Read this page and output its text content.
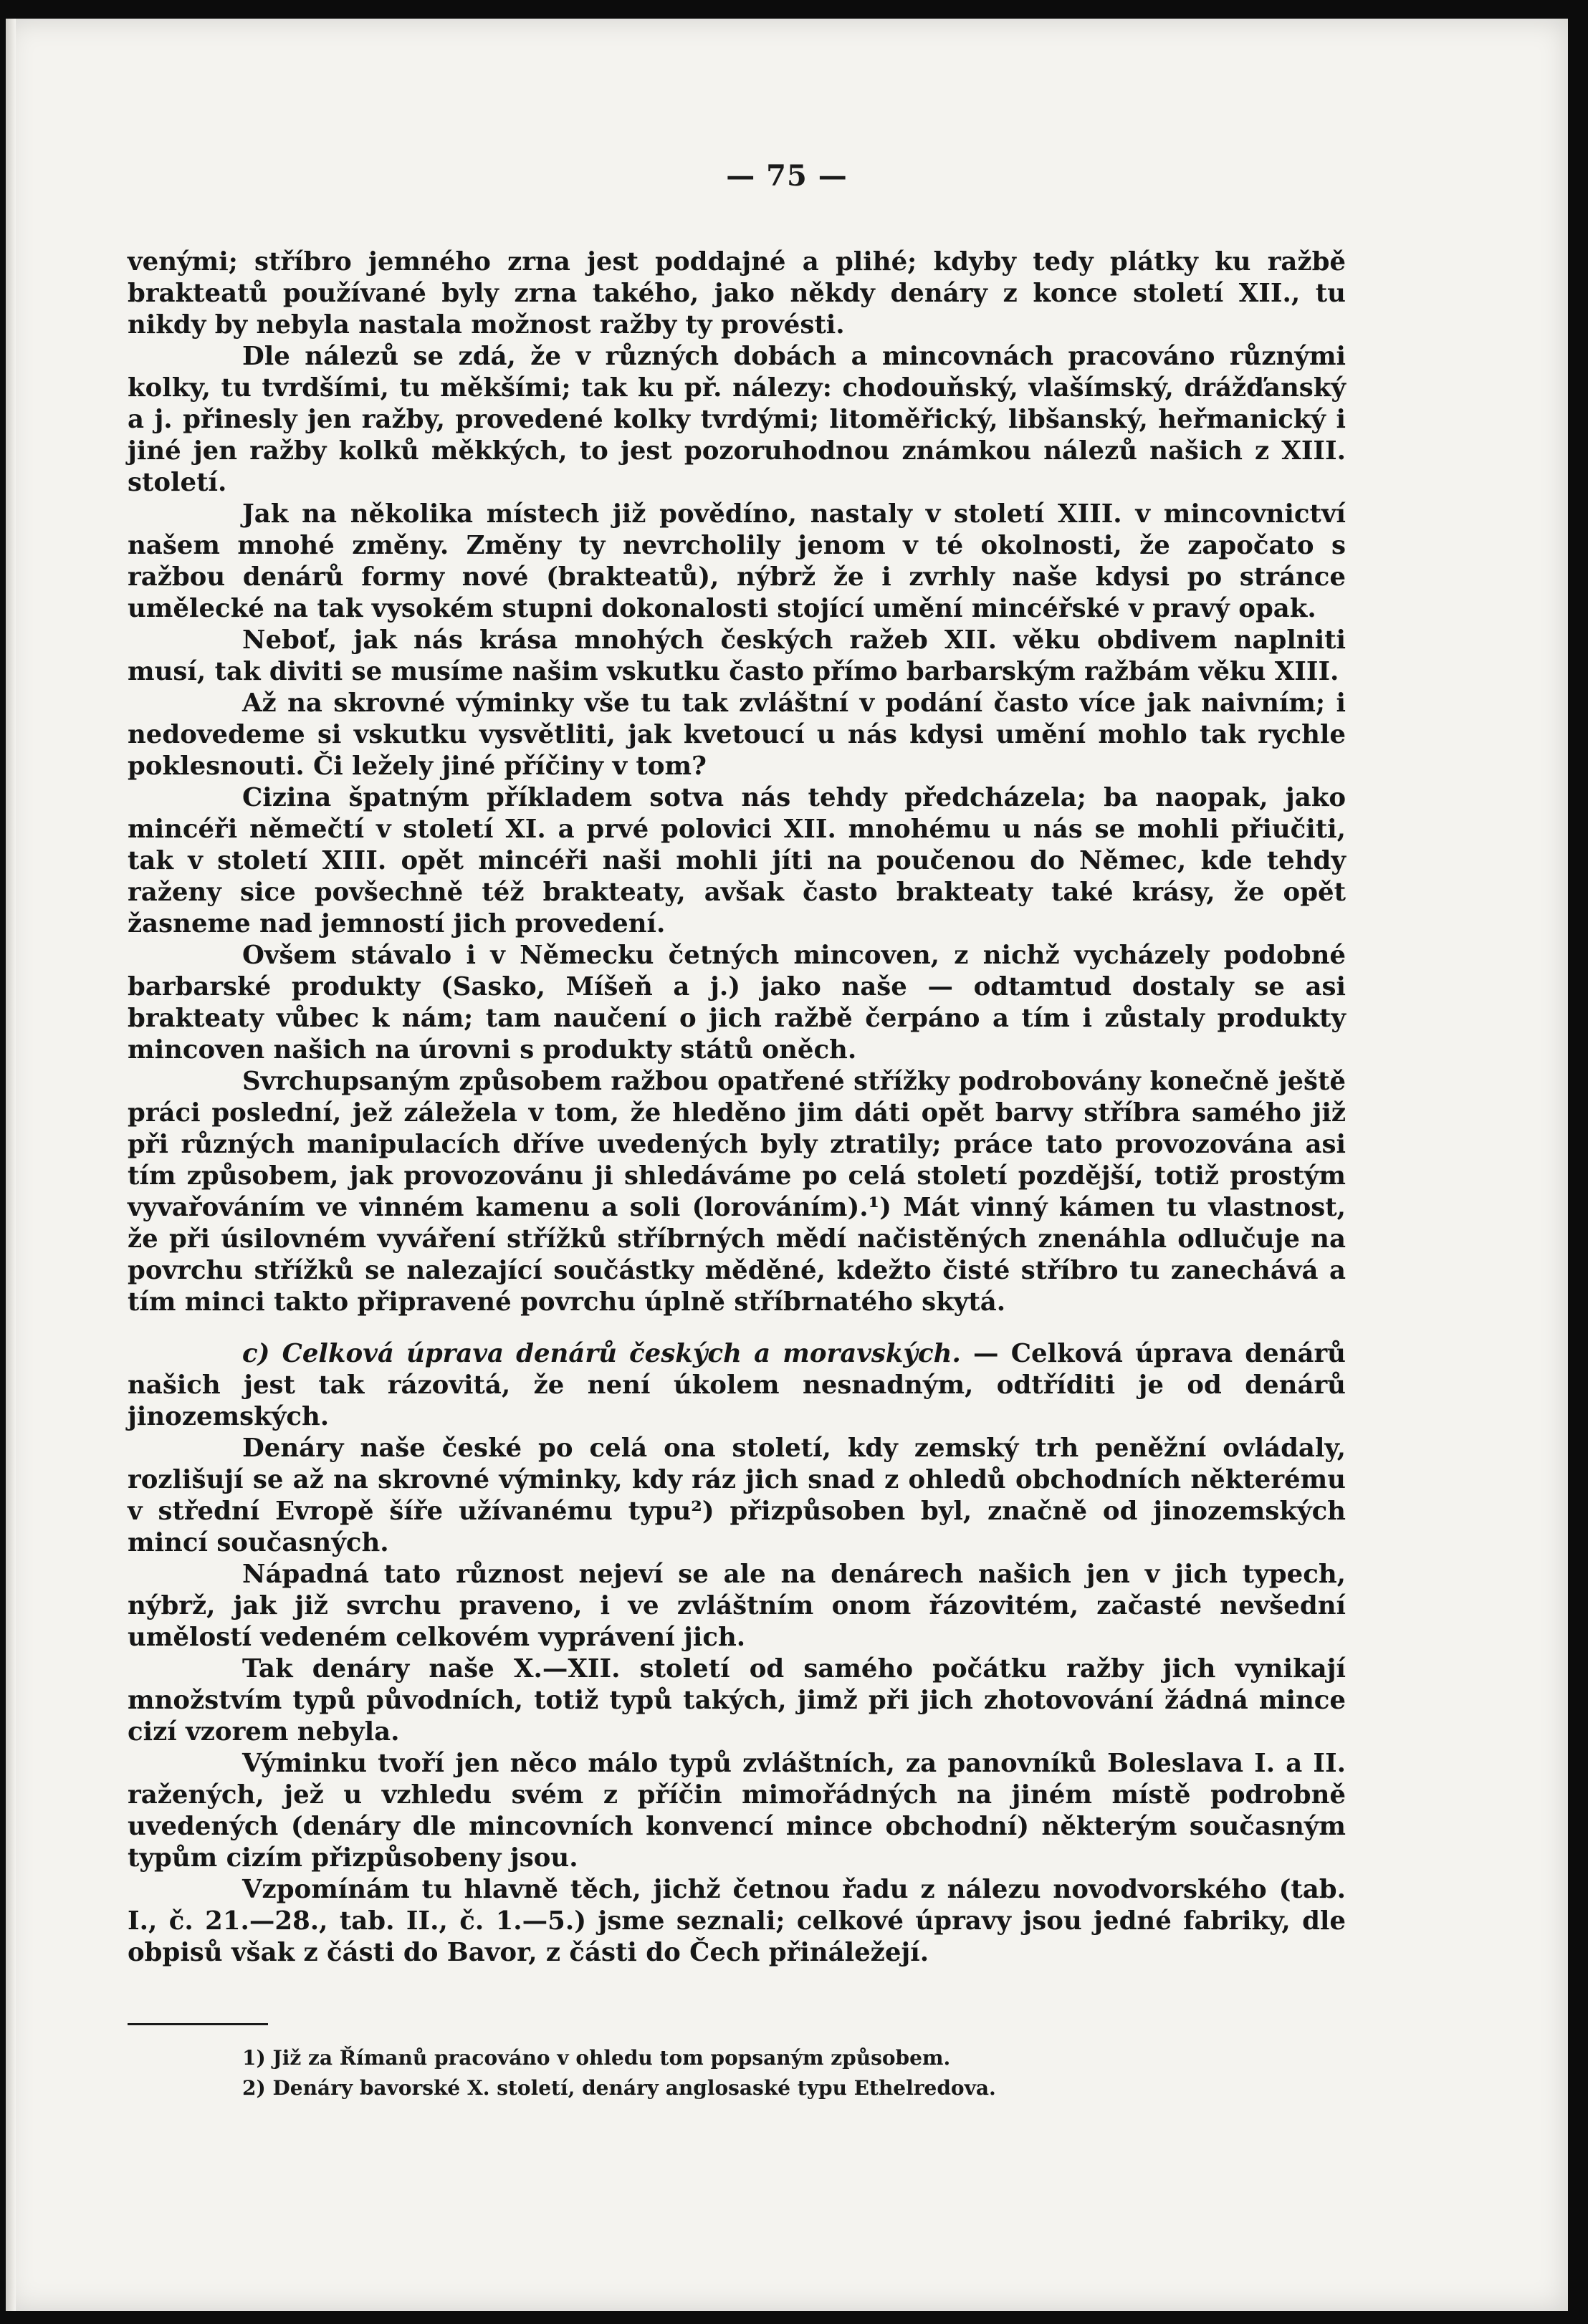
— 75 —

venými; stříbro jemného zrna jest poddajné a plihé; kdyby tedy plátky ku ražbě brakteatů používané byly zrna takého, jako někdy denáry z konce století XII., tu nikdy by nebyla nastala možnost ražby ty provésti.

Dle nálezů se zdá, že v různých dobách a mincovnách pracováno různými kolky, tu tvrdšími, tu měkšími; tak ku př. nálezy: chodouňský, vlašímský, drážďanský a j. přinesly jen ražby, provedené kolky tvrdými; litoměřický, libšanský, heřmanický i jiné jen ražby kolků měkkých, to jest pozoruhodnou známkou nálezů našich z XIII. století.

Jak na několika místech již povědíno, nastaly v století XIII. v mincovnictví našem mnohé změny. Změny ty nevrcholily jenom v té okolnosti, že započato s ražbou denárů formy nové (brakteatů), nýbrž že i zvrhly naše kdysi po stránce umělecké na tak vysokém stupni dokonalosti stojící umění mincéřské v pravý opak.

Neboť, jak nás krása mnohých českých ražeb XII. věku obdivem naplniti musí, tak diviti se musíme našim vskutku často přímo barbarským ražbám věku XIII.

Až na skrovné výminky vše tu tak zvláštní v podání často více jak naivním; i nedovedeme si vskutku vysvětliti, jak kvetoucí u nás kdysi umění mohlo tak rychle poklesnouti. Či ležely jiné příčiny v tom?

Cizina špatným příkladem sotva nás tehdy předcházela; ba naopak, jako mincéři němečtí v století XI. a prvé polovici XII. mnohému u nás se mohli přiučiti, tak v století XIII. opět mincéři naši mohli jíti na poučenou do Němec, kde tehdy raženy sice povšechně též brakteaty, avšak často brakteaty také krásy, že opět žasneme nad jemností jich provedení.

Ovšem stávalo i v Německu četných mincoven, z nichž vycházely podobné barbarské produkty (Sasko, Míšeň a j.) jako naše — odtamtud dostaly se asi brakteaty vůbec k nám; tam naučení o jich ražbě čerpáno a tím i zůstaly produkty mincoven našich na úrovni s produkty států oněch.

Svrchupsaným způsobem ražbou opatřené střížky podrobovány konečně ještě práci poslední, jež záležela v tom, že hleděno jim dáti opět barvy stříbra samého již při různých manipulacích dříve uvedených byly ztratily; práce tato provozována asi tím způsobem, jak provozovánu ji shledáváme po celá století pozdější, totiž prostým vyvařováním ve vinném kamenu a soli (lorováním).¹) Mát vinný kámen tu vlastnost, že při úsilovném vyváření střížků stříbrných mědí načistěných znenáhla odlučuje na povrchu střížků se nalezající součástky měděné, kdežto čisté stříbro tu zanechává a tím minci takto připravené povrchu úplně stříbrnatého skytá.

c) Celková úprava denárů českých a moravských. — Celková úprava denárů našich jest tak rázovitá, že není úkolem nesnadným, odtříditi je od denárů jinozemských.

Denáry naše české po celá ona století, kdy zemský trh peněžní ovládaly, rozlišují se až na skrovné výminky, kdy ráz jich snad z ohledů obchodních některému v střední Evropě šíře užívanému typu²) přizpůsoben byl, značně od jinozemských mincí současných.

Nápadná tato různost nejeví se ale na denárech našich jen v jich typech, nýbrž, jak již svrchu praveno, i ve zvláštním onom řázovitém, začasté nevšední umělostí vedeném celkovém vyprávení jich.

Tak denáry naše X.—XII. století od samého počátku ražby jich vynikají množstvím typů původních, totiž typů takých, jimž při jich zhotovování žádná mince cizí vzorem nebyla.

Výminku tvoří jen něco málo typů zvláštních, za panovníků Boleslava I. a II. ražených, jež u vzhledu svém z příčin mimořádných na jiném místě podrobně uvedených (denáry dle mincovních konvencí mince obchodní) některým současným typům cizím přizpůsobeny jsou.

Vzpomínám tu hlavně těch, jichž četnou řadu z nálezu novodvorského (tab. I., č. 21.—28., tab. II., č. 1.—5.) jsme seznali; celkové úpravy jsou jedné fabriky, dle obpisů však z části do Bavor, z části do Čech přináležejí.

1) Již za Římanů pracováno v ohledu tom popsaným způsobem.

2) Denáry bavorské X. století, denáry anglosaské typu Ethelredova.
